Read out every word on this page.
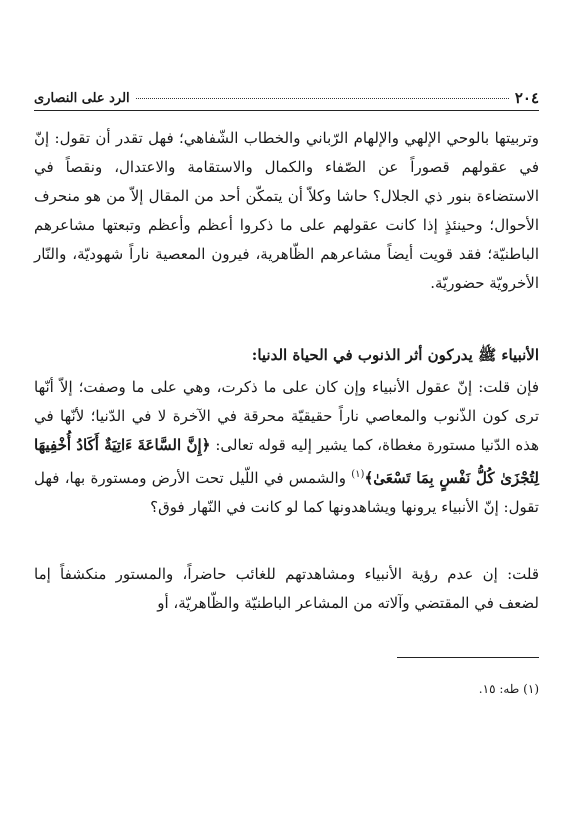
٢٠٤
الرد على النصارى

وتربيتها بالوحي الإلهي والإلهام الرّباني والخطاب الشّفاهي؛ فهل تقدر أن تقول: إنّ في عقولهم قصوراً عن الصّفاء والكمال والاستقامة والاعتدال، ونقصاً في الاستضاءة بنور ذي الجلال؟ حاشا وكلاّ أن يتمكّن أحد من المقال إلاّ من هو منحرف الأحوال؛ وحينئذٍ إذا كانت عقولهم على ما ذكروا أعظم وأعظم وتبعتها مشاعرهم الباطنيّة؛ فقد قويت أيضاً مشاعرهم الظّاهرية، فيرون المعصية ناراً شهوديّة، والنّار الأخرويّة حضوريّة.

الأنبياء ﷺ يدركون أثر الذنوب في الحياة الدنيا:

فإن قلت: إنّ عقول الأنبياء وإن كان على ما ذكرت، وهي على ما وصفت؛ إلاّ أنّها ترى كون الذّنوب والمعاصي ناراً حقيقيّة محرقة في الآخرة لا في الدّنيا؛ لأنّها في هذه الدّنيا مستورة مغطاة، كما يشير إليه قوله تعالى: ﴿إِنَّ السَّاعَةَ ءَاتِيَةٌ أَكَادُ أُخْفِيهَا لِتُجْزَىٰ كُلُّ نَفْسٍ بِمَا تَسْعَىٰ﴾$^{(١)}$ والشمس في اللّيل تحت الأرض ومستورة بها، فهل تقول: إنّ الأنبياء يرونها ويشاهدونها كما لو كانت في النّهار فوق؟

قلت: إن عدم رؤية الأنبياء ومشاهدتهم للغائب حاضراً، والمستور منكشفاً إما لضعف في المقتضي وآلاته من المشاعر الباطنيّة والظّاهريّة، أو

(١) طه: ١٥.
